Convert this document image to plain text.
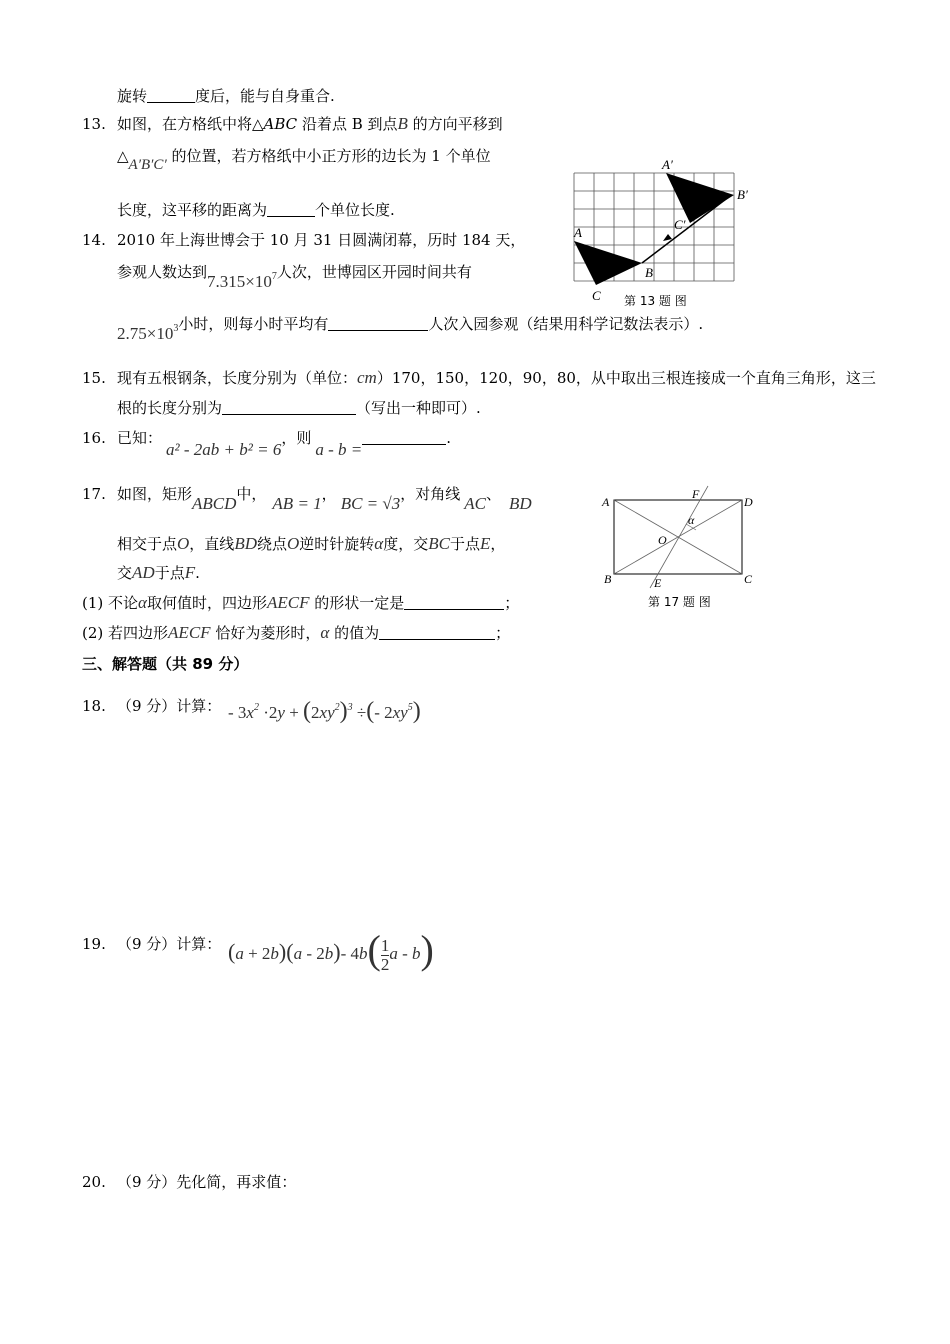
旋转	度后，能与自身重合.
13. 如图，在方格纸中将△ABC 沿着点 B 到点B 的方向平移到
△A′B′C′ 的位置，若方格纸中小正方形的边长为 1 个单位
长度，这平移的距离为	个单位长度.
A
B
C
A′
B′
C′
第 13 题 图
14. 2010 年上海世博会于 10 月 31 日圆满闭幕，历时 184 天，
参观人数达到$7.315\times 10^7$人次，世博园区开园时间共有
$2.75\times 10^3$小时，则每小时平均有	人次入园参观（结果用科学记数法表示）.
15. 现有五根钢条，长度分别为（单位：cm）170，150，120，90，80，从中取出三根连接成一个直角三角形，这三
根的长度分别为	（写出一种即可）.
16. 已知：a² - 2ab + b² = 6，则a - b =.
17. 如图，矩形ABCD中， AB = 1， BC = √3，对角线 AC、 BD
相交于点O，直线BD绕点O逆时针旋转α度，交BC于点E，
交AD于点F.
A
B	C
D
E
F
O
α
第 17 题 图
(1) 不论α取何值时，四边形AECF 的形状一定是	；
(2) 若四边形AECF 恰好为菱形时，α 的值为	；
三、解答题（共 89 分）
18. （9 分）计算： - $3x^2 \cdot 2y + (2xy^2)^3$ ÷(- $2xy^5$)
19. （9 分）计算： (a + 2b)(a - 2b)- $4b( \frac{1}{2}$ a - b)
20. （9 分）先化简，再求值：
